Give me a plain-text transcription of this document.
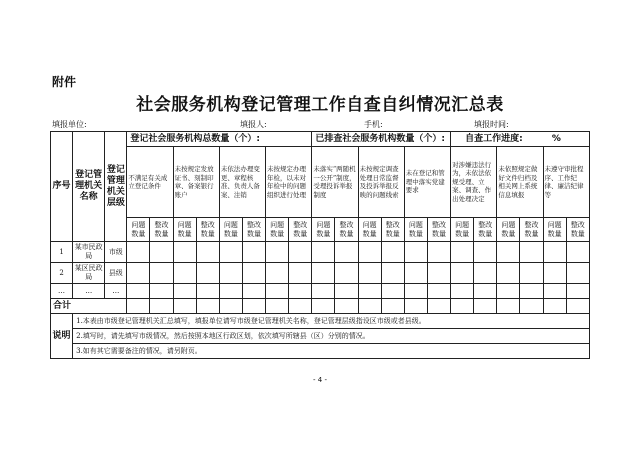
附件
社会服务机构登记管理工作自查自纠情况汇总表
填报单位:	填报人:	手机:	填报时间:
序号	登记管理机关名称	登记管理机关层级	登记社会服务机构总数量（个）:								已排查社会服务机构数量（个）:						自查工作进度: %					
			不满足有关成立登记条件		未按规定发放证书、刻制印章、备案银行账户		未依法办理变更、章程核准、负责人备案、注销		未按规定办理年检，以未对年检中的问题组织进行处理		未落实“两随机一公开”制度，受理投诉举报制度		未按规定调查处理日常监督及投诉举报反映的问题线索		未在登记和管理中落实党建要求		对涉嫌违法行为，未依法依规受理、立案、调查、作出处理决定		未依照规定做好文件归档及相关网上系统信息填报		未遵守审批程序、工作纪律、廉洁纪律等	
			问题数量	整改数量	问题数量	整改数量	问题数量	整改数量	问题数量	整改数量	问题数量	整改数量	问题数量	整改数量	问题数量	整改数量	问题数量	整改数量	问题数量	整改数量	问题数量	整改数量
1	某市民政局	市级																				
2	某区民政局	县级																				
…	…	…																				
合计																						
说明	1.本表由市级登记管理机关汇总填写，填报单位请写市级登记管理机关名称，登记管理层级指设区市级或者县级。																					
	2.填写时，请先填写市级情况，然后按照本地区行政区划，依次填写所辖县（区）分别的情况。																					
	3.如有其它需要备注的情况，请另附页。																					
- 4 -
